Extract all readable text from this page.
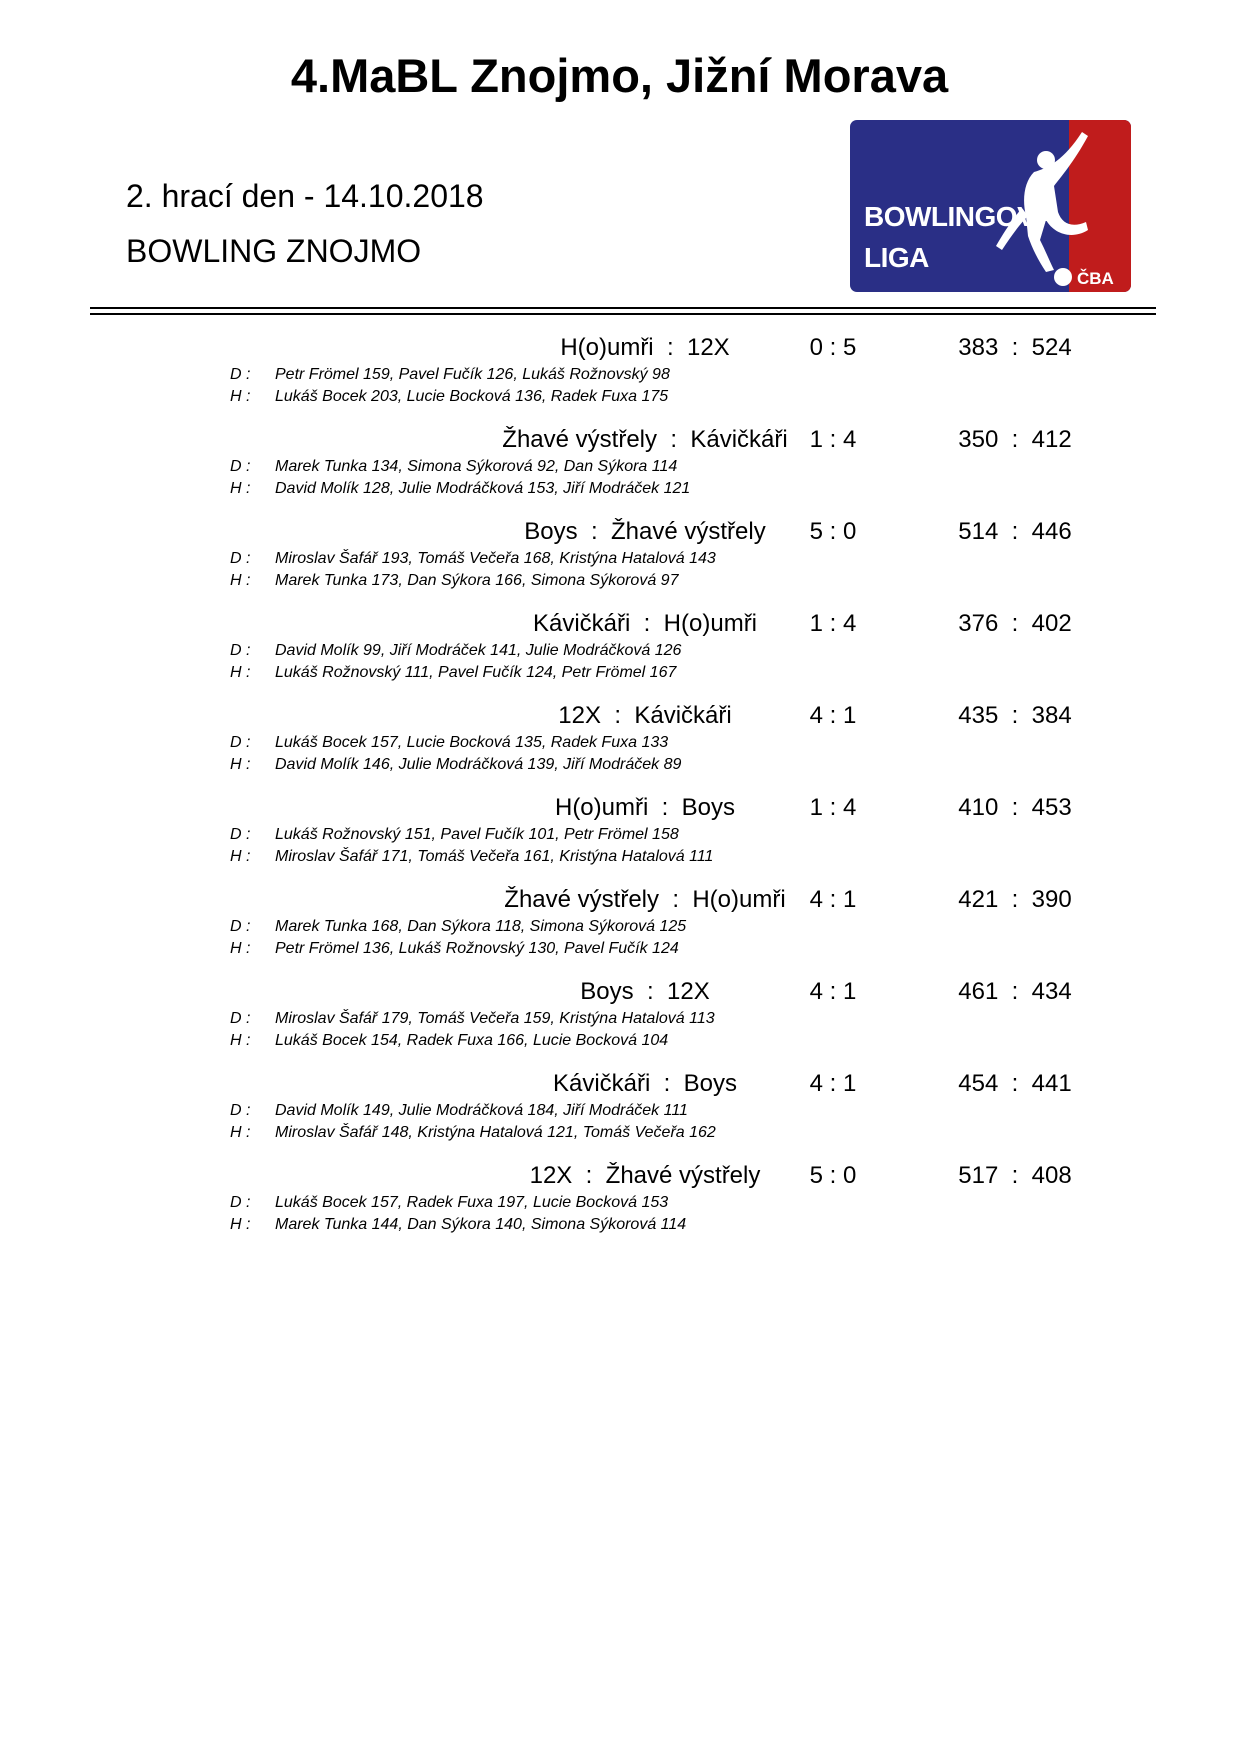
4.MaBL Znojmo, Jižní Morava
2. hrací den - 14.10.2018
BOWLING ZNOJMO
BOWLINGOVÁ
LIGA
ČBA
H(o)umři  :  12X	0 : 5	383  :  524
D :	Petr Frömel 159, Pavel Fučík 126, Lukáš Rožnovský 98
H :	Lukáš Bocek 203, Lucie Bocková 136, Radek Fuxa 175
Žhavé výstřely  :  Kávičkáři 1 : 4	350  :  412
D :	Marek Tunka 134, Simona Sýkorová 92, Dan Sýkora 114
H :	David Molík 128, Julie Modráčková 153, Jiří Modráček 121
Boys  :  Žhavé výstřely	5 : 0	514  :  446
D :	Miroslav Šafář 193, Tomáš Večeřa 168, Kristýna Hatalová 143
H :	Marek Tunka 173, Dan Sýkora 166, Simona Sýkorová 97
Kávičkáři  :  H(o)umři	1 : 4	376  :  402
D :	David Molík 99, Jiří Modráček 141, Julie Modráčková 126
H :	Lukáš Rožnovský 111, Pavel Fučík 124, Petr Frömel 167
12X  :  Kávičkáři	4 : 1	435  :  384
D :	Lukáš Bocek 157, Lucie Bocková 135, Radek Fuxa 133
H :	David Molík 146, Julie Modráčková 139, Jiří Modráček 89
H(o)umři  :  Boys	1 : 4	410  :  453
D :	Lukáš Rožnovský 151, Pavel Fučík 101, Petr Frömel 158
H :	Miroslav Šafář 171, Tomáš Večeřa 161, Kristýna Hatalová 111
Žhavé výstřely  :  H(o)umři 4 : 1	421  :  390
D :	Marek Tunka 168, Dan Sýkora 118, Simona Sýkorová 125
H :	Petr Frömel 136, Lukáš Rožnovský 130, Pavel Fučík 124
Boys  :  12X	4 : 1	461  :  434
D :	Miroslav Šafář 179, Tomáš Večeřa 159, Kristýna Hatalová 113
H :	Lukáš Bocek 154, Radek Fuxa 166, Lucie Bocková 104
Kávičkáři  :  Boys	4 : 1	454  :  441
D :	David Molík 149, Julie Modráčková 184, Jiří Modráček 111
H :	Miroslav Šafář 148, Kristýna Hatalová 121, Tomáš Večeřa 162
12X  :  Žhavé výstřely	5 : 0	517  :  408
D :	Lukáš Bocek 157, Radek Fuxa 197, Lucie Bocková 153
H :	Marek Tunka 144, Dan Sýkora 140, Simona Sýkorová 114
